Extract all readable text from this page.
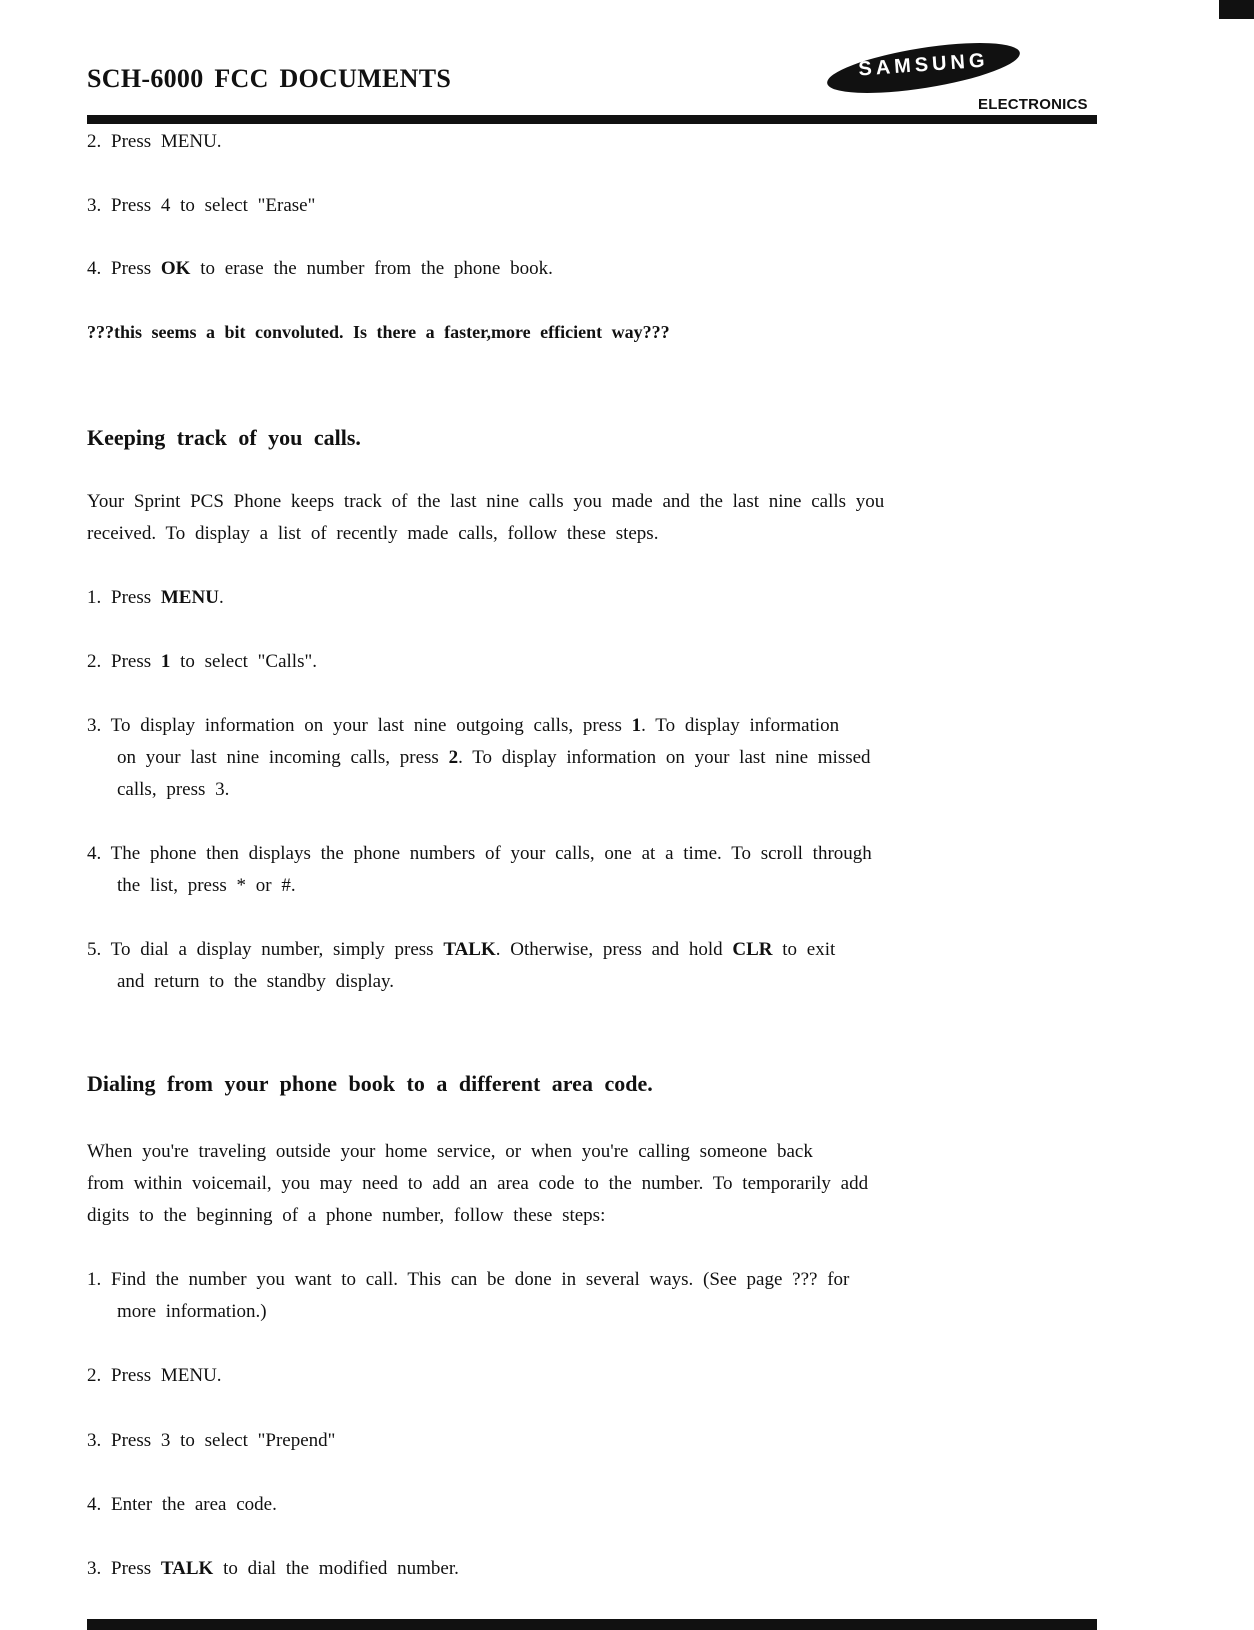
SCH-6000 FCC DOCUMENTS	SAMSUNG
ELECTRONICS
2. Press MENU.
3. Press 4 to select "Erase"
4. Press OK to erase the number from the phone book.
???this seems a bit convoluted. Is there a faster,more efficient way???
Keeping track of you calls.
Your Sprint PCS Phone keeps track of the last nine calls you made and the last nine calls you
received. To display a list of recently made calls, follow these steps.
1. Press MENU.
2. Press 1 to select "Calls".
3. To display information on your last nine outgoing calls, press 1. To display information
on your last nine incoming calls, press 2. To display information on your last nine missed
calls, press 3.
4. The phone then displays the phone numbers of your calls, one at a time. To scroll through
the list, press * or #.
5. To dial a display number, simply press TALK. Otherwise, press and hold CLR to exit
and return to the standby display.
Dialing from your phone book to a different area code.
When you're traveling outside your home service, or when you're calling someone back
from within voicemail, you may need to add an area code to the number. To temporarily add
digits to the beginning of a phone number, follow these steps:
1. Find the number you want to call. This can be done in several ways. (See page ??? for
more information.)
2. Press MENU.
3. Press 3 to select "Prepend"
4. Enter the area code.
3. Press TALK to dial the modified number.
